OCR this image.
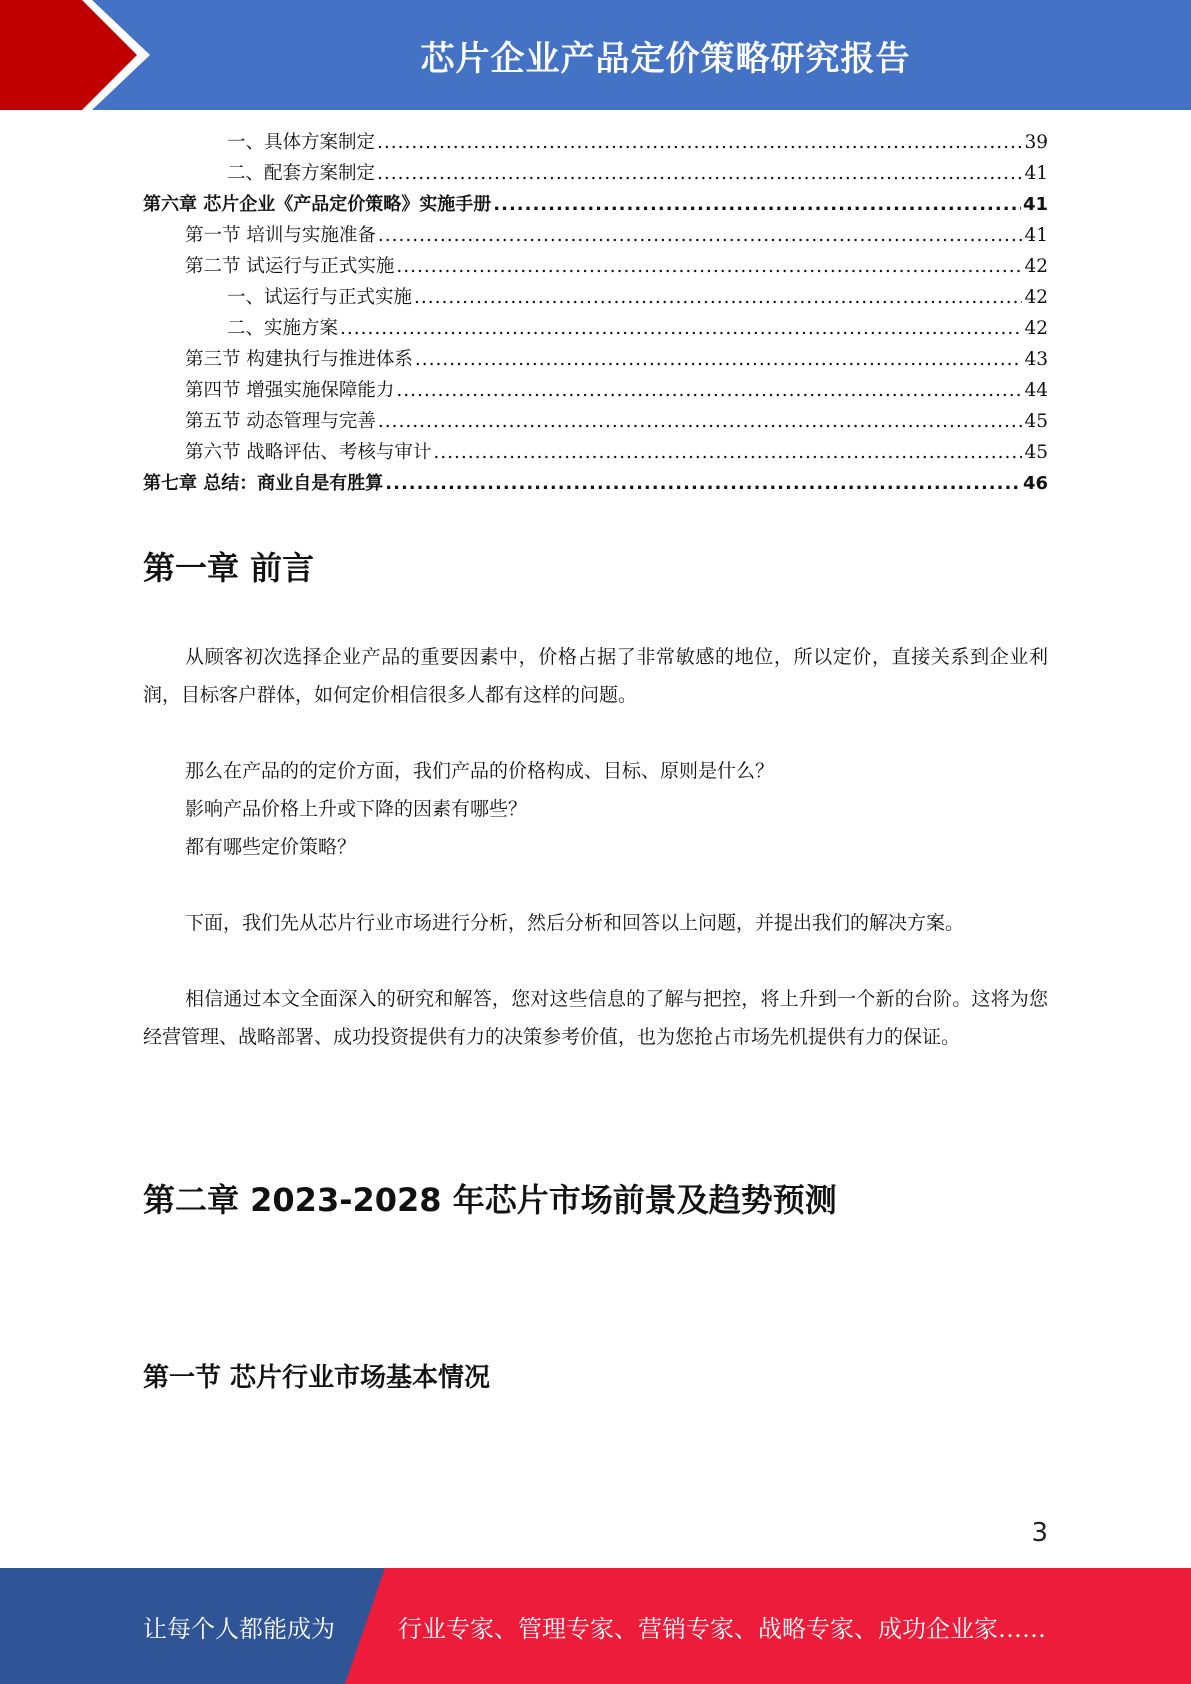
芯片企业产品定价策略研究报告
一、具体方案制定 .....	39
二、配套方案制定 .....	41
第六章 芯片企业《产品定价策略》实施手册 .....	41
第一节 培训与实施准备 .....	41
第二节 试运行与正式实施 .....	42
一、试运行与正式实施 .....	42
二、实施方案 .....	42
第三节 构建执行与推进体系 .....	43
第四节 增强实施保障能力 .....	44
第五节 动态管理与完善 .....	45
第六节 战略评估、考核与审计 .....	45
第七章 总结：商业自是有胜算 .....	46
第一章 前言

从顾客初次选择企业产品的重要因素中，价格占据了非常敏感的地位，所以定价，直接关系到企业利润，目标客户群体，如何定价相信很多人都有这样的问题。

那么在产品的的定价方面，我们产品的价格构成、目标、原则是什么？

影响产品价格上升或下降的因素有哪些？

都有哪些定价策略？

下面，我们先从芯片行业市场进行分析，然后分析和回答以上问题，并提出我们的解决方案。

相信通过本文全面深入的研究和解答，您对这些信息的了解与把控，将上升到一个新的台阶。这将为您经营管理、战略部署、成功投资提供有力的决策参考价值，也为您抢占市场先机提供有力的保证。

第二章 2023-2028 年芯片市场前景及趋势预测
第一节 芯片行业市场基本情况
3
让每个人都能成为	行业专家、管理专家、营销专家、战略专家、成功企业家……
